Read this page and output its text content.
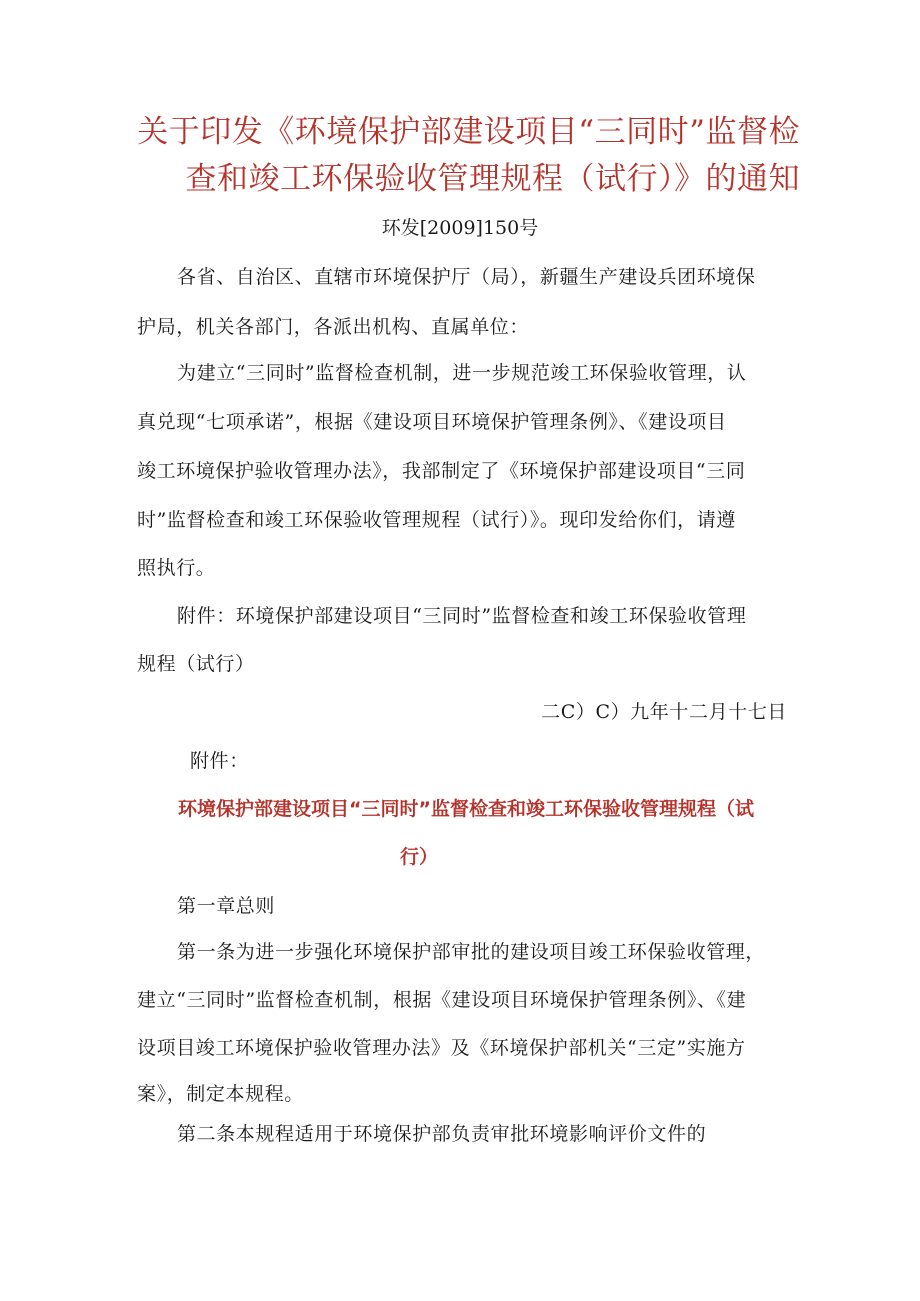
关于印发《环境保护部建设项目“三同时”监督检
查和竣工环保验收管理规程（试行）》的通知
环发[2009]150号
各省、自治区、直辖市环境保护厅（局），新疆生产建设兵团环境保
护局，机关各部门，各派出机构、直属单位：
为建立“三同时”监督检查机制，进一步规范竣工环保验收管理，认
真兑现“七项承诺”，根据《建设项目环境保护管理条例》、《建设项目
竣工环境保护验收管理办法》，我部制定了《环境保护部建设项目“三同
时”监督检查和竣工环保验收管理规程（试行）》。现印发给你们，请遵
照执行。
附件：环境保护部建设项目“三同时”监督检查和竣工环保验收管理
规程（试行）
二C）C）九年十二月十七日
附件：
环境保护部建设项目“三同时”监督检查和竣工环保验收管理规程（试
行）
第一章总则
第一条为进一步强化环境保护部审批的建设项目竣工环保验收管理，
建立“三同时”监督检查机制，根据《建设项目环境保护管理条例》、《建
设项目竣工环境保护验收管理办法》及《环境保护部机关“三定”实施方
案》，制定本规程。
第二条本规程适用于环境保护部负责审批环境影响评价文件的
